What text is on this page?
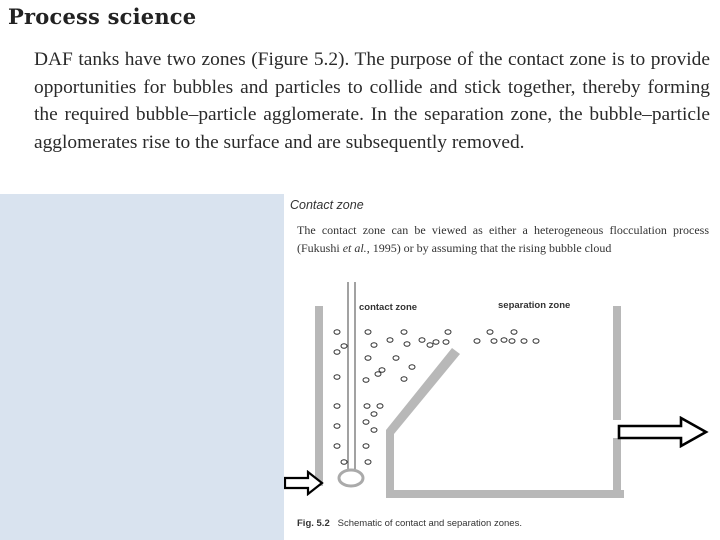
Process science

DAF tanks have two zones (Figure 5.2). The purpose of the contact zone is to provide opportunities for bubbles and particles to collide and stick together, thereby forming the required bubble–particle agglomerate. In the separation zone, the bubble–particle agglomerates rise to the surface and are subsequently removed.

Contact zone

The contact zone can be viewed as either a heterogeneous flocculation process (Fukushi et al., 1995) or by assuming that the rising bubble cloud

contact zone	separation zone

Fig. 5.2 Schematic of contact and separation zones.
